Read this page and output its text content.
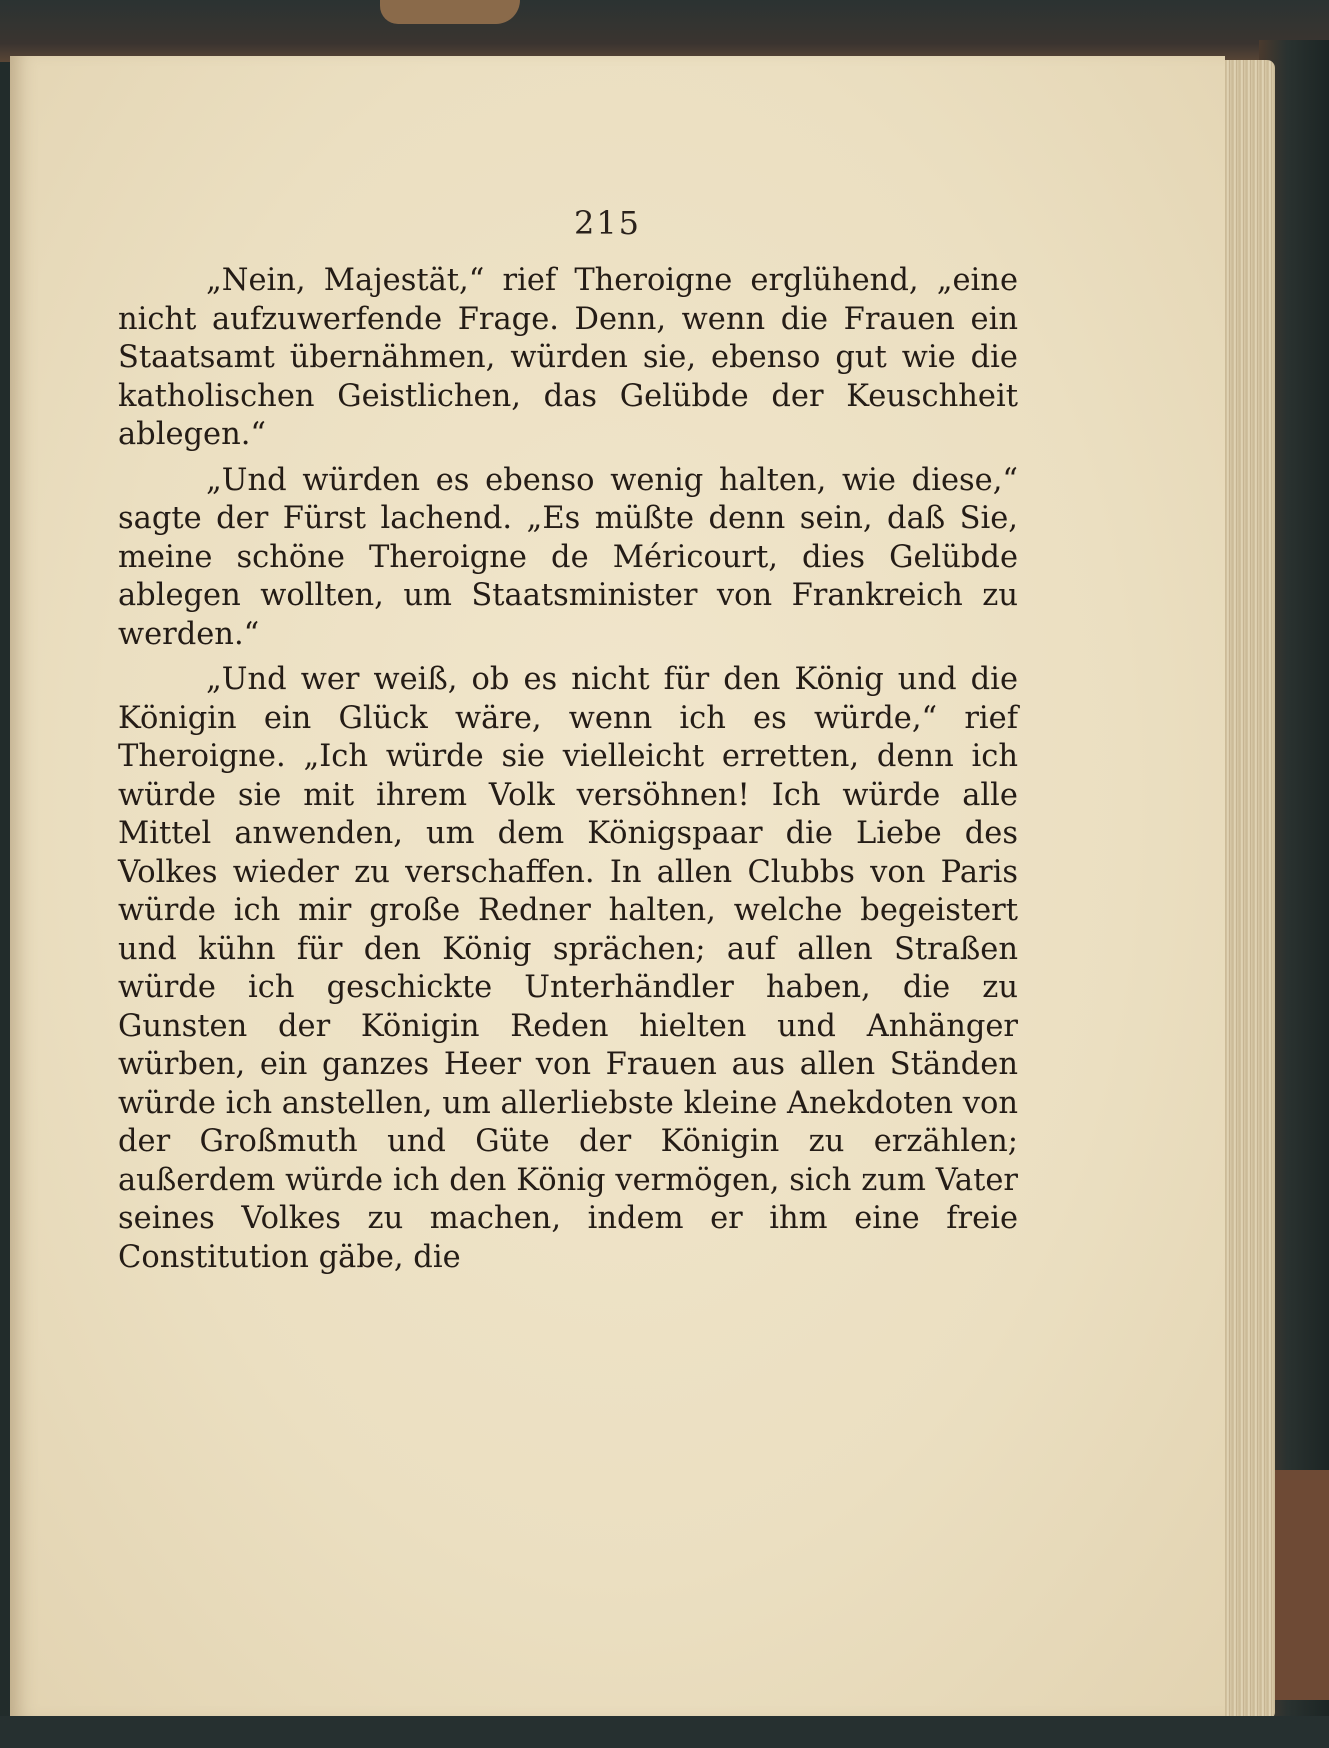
215

„Nein, Majestät,“ rief Theroigne erglühend, „eine nicht aufzuwerfende Frage. Denn, wenn die Frauen ein Staatsamt übernähmen, würden sie, ebenso gut wie die katholischen Geistlichen, das Gelübde der Keuschheit ablegen.“

„Und würden es ebenso wenig halten, wie diese,“ sagte der Fürst lachend. „Es müßte denn sein, daß Sie, meine schöne Theroigne de Méricourt, dies Gelübde ablegen wollten, um Staatsminister von Frankreich zu werden.“

„Und wer weiß, ob es nicht für den König und die Königin ein Glück wäre, wenn ich es würde,“ rief Theroigne. „Ich würde sie vielleicht erretten, denn ich würde sie mit ihrem Volk versöhnen! Ich würde alle Mittel anwenden, um dem Königspaar die Liebe des Volkes wieder zu verschaffen. In allen Clubbs von Paris würde ich mir große Redner halten, welche begeistert und kühn für den König sprächen; auf allen Straßen würde ich geschickte Unterhändler haben, die zu Gunsten der Königin Reden hielten und Anhänger würben, ein ganzes Heer von Frauen aus allen Ständen würde ich anstellen, um allerliebste kleine Anekdoten von der Großmuth und Güte der Königin zu erzählen; außerdem würde ich den König vermögen, sich zum Vater seines Volkes zu machen, indem er ihm eine freie Constitution gäbe, die
